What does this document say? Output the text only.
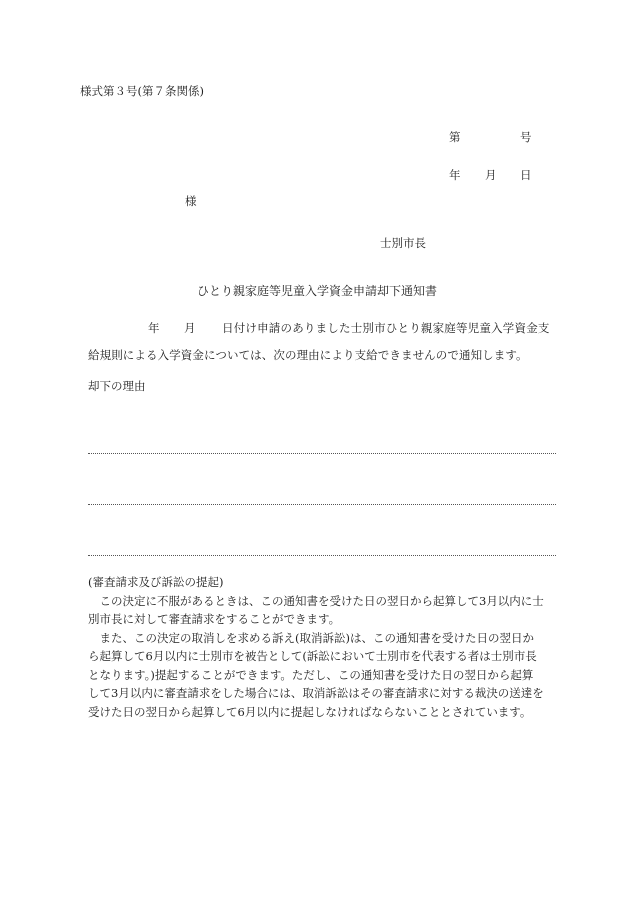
様式第３号(第７条関係)
第	号
年 月 日
様
士別市長
ひとり親家庭等児童入学資金申請却下通知書
年 月 日付け申請のありました士別市ひとり親家庭等児童入学資金支
給規則による入学資金については、次の理由により支給できませんので通知します。
却下の理由

(審査請求及び訴訟の提起)

　この決定に不服があるときは、この通知書を受けた日の翌日から起算して3月以内に士

別市長に対して審査請求をすることができます。

　また、この決定の取消しを求める訴え(取消訴訟)は、この通知書を受けた日の翌日か

ら起算して6月以内に士別市を被告として(訴訟において士別市を代表する者は士別市長

となります。)提起することができます。ただし、この通知書を受けた日の翌日から起算

して3月以内に審査請求をした場合には、取消訴訟はその審査請求に対する裁決の送達を

受けた日の翌日から起算して6月以内に提起しなければならないこととされています。
